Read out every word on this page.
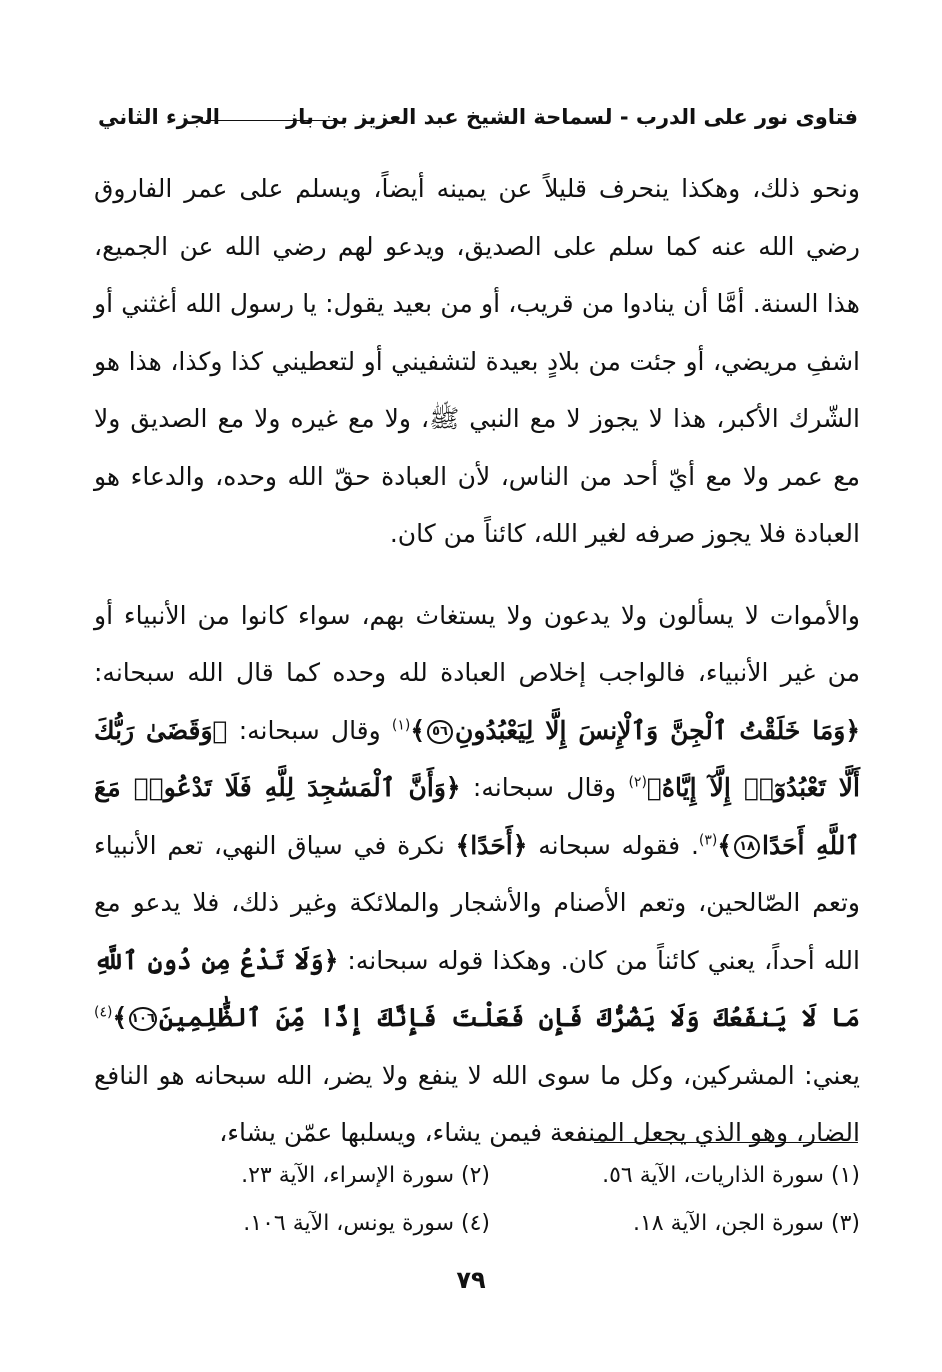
فتاوى نور على الدرب - لسماحة الشيخ عبد العزيز بن باز
الجزء الثاني

ونحو ذلك، وهكذا ينحرف قليلاً عن يمينه أيضاً، ويسلم على عمر الفاروق رضي الله عنه كما سلم على الصديق، ويدعو لهم رضي الله عن الجميع، هذا السنة. أمَّا أن ينادوا من قريب، أو من بعيد يقول: يا رسول الله أغثني أو اشفِ مريضي، أو جئت من بلادٍ بعيدة لتشفيني أو لتعطيني كذا وكذا، هذا هو الشّرك الأكبر، هذا لا يجوز لا مع النبي ﷺ، ولا مع غيره ولا مع الصديق ولا مع عمر ولا مع أيّ أحد من الناس، لأن العبادة حقّ الله وحده، والدعاء هو العبادة فلا يجوز صرفه لغير الله، كائناً من كان.

والأموات لا يسألون ولا يدعون ولا يستغاث بهم، سواء كانوا من الأنبياء أو من غير الأنبياء، فالواجب إخلاص العبادة لله وحده كما قال الله سبحانه: ﴿وَمَا خَلَقْتُ ٱلْجِنَّ وَٱلْإِنسَ إِلَّا لِيَعْبُدُونِ٥٦﴾$^{(١)}$ وقال سبحانه: ﴿وَقَضَىٰ رَبُّكَ أَلَّا تَعْبُدُوٓا۟ إِلَّآ إِيَّاهُ﴾$^{(٢)}$ وقال سبحانه: ﴿وَأَنَّ ٱلْمَسَٰجِدَ لِلَّهِ فَلَا تَدْعُوا۟ مَعَ ٱللَّهِ أَحَدًا١٨﴾$^{(٣)}$. فقوله سبحانه ﴿أَحَدًا﴾ نكرة في سياق النهي، تعم الأنبياء وتعم الصّالحين، وتعم الأصنام والأشجار والملائكة وغير ذلك، فلا يدعو مع الله أحداً، يعني كائناً من كان. وهكذا قوله سبحانه: ﴿وَلَا تَدْعُ مِن دُونِ ٱللَّهِ مَا لَا يَنفَعُكَ وَلَا يَضُرُّكَ فَإِن فَعَلْتَ فَإِنَّكَ إِذًا مِّنَ ٱلظَّٰلِمِينَ١٠٦﴾$^{(٤)}$ يعني: المشركين، وكل ما سوى الله لا ينفع ولا يضر، الله سبحانه هو النافع الضار، وهو الذي يجعل المنفعة فيمن يشاء، ويسلبها عمّن يشاء،

(١) سورة الذاريات، الآية ٥٦.
(٢) سورة الإسراء، الآية ٢٣.
(٣) سورة الجن، الآية ١٨.
(٤) سورة يونس، الآية ١٠٦.
٧٩
